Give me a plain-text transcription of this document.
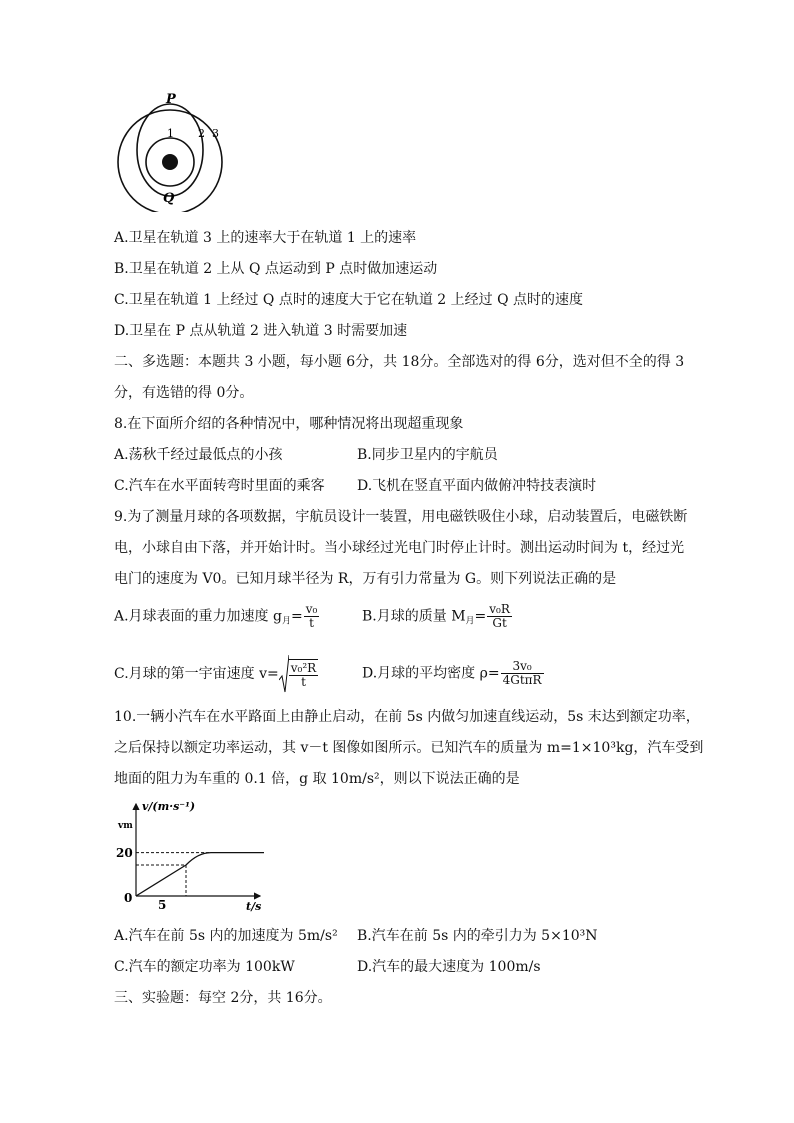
P
Q
1 2 3
A.卫星在轨道 3 上的速率大于在轨道 1 上的速率
B.卫星在轨道 2 上从 Q 点运动到 P 点时做加速运动
C.卫星在轨道 1 上经过 Q 点时的速度大于它在轨道 2 上经过 Q 点时的速度
D.卫星在 P 点从轨道 2 进入轨道 3 时需要加速
二、多选题：本题共 3 小题，每小题 6分，共 18分。全部选对的得 6分，选对但不全的得 3
分，有选错的得 0分。
8.在下面所介绍的各种情况中，哪种情况将出现超重现象
A.荡秋千经过最低点的小孩	B.同步卫星内的宇航员
C.汽车在水平面转弯时里面的乘客 D.飞机在竖直平面内做俯冲特技表演时
9.为了测量月球的各项数据，宇航员设计一装置，用电磁铁吸住小球，启动装置后，电磁铁断
电，小球自由下落，并开始计时。当小球经过光电门时停止计时。测出运动时间为 t，经过光
电门的速度为 V0。已知月球半径为 R，万有引力常量为 G。则下列说法正确的是
A.月球表面的重力加速度 $g_月= \frac{\text{v₀}}{t}$	B.月球的质量 $M_月= \frac{\text{v₀R}}{Gt}$
C.月球的第一宇宙速度 $v= \frac{\text{v₀²R}}{t}$	D.月球的平均密度 $\rho= \frac{\text{3v₀}}{\text{4GtπR}}$
10.一辆小汽车在水平路面上由静止启动，在前 5s 内做匀加速直线运动，5s 末达到额定功率，
之后保持以额定功率运动，其 v－t 图像如图所示。已知汽车的质量为 m=1×10³kg，汽车受到
地面的阻力为车重的 0.1 倍，g 取 10m/s²，则以下说法正确的是
v/(m·s⁻¹)
t/s
0 5
20
vm
A.汽车在前 5s 内的加速度为 5m/s² B.汽车在前 5s 内的牵引力为 5×10³N
C.汽车的额定功率为 100kW	D.汽车的最大速度为 100m/s
三、实验题：每空 2分，共 16分。
